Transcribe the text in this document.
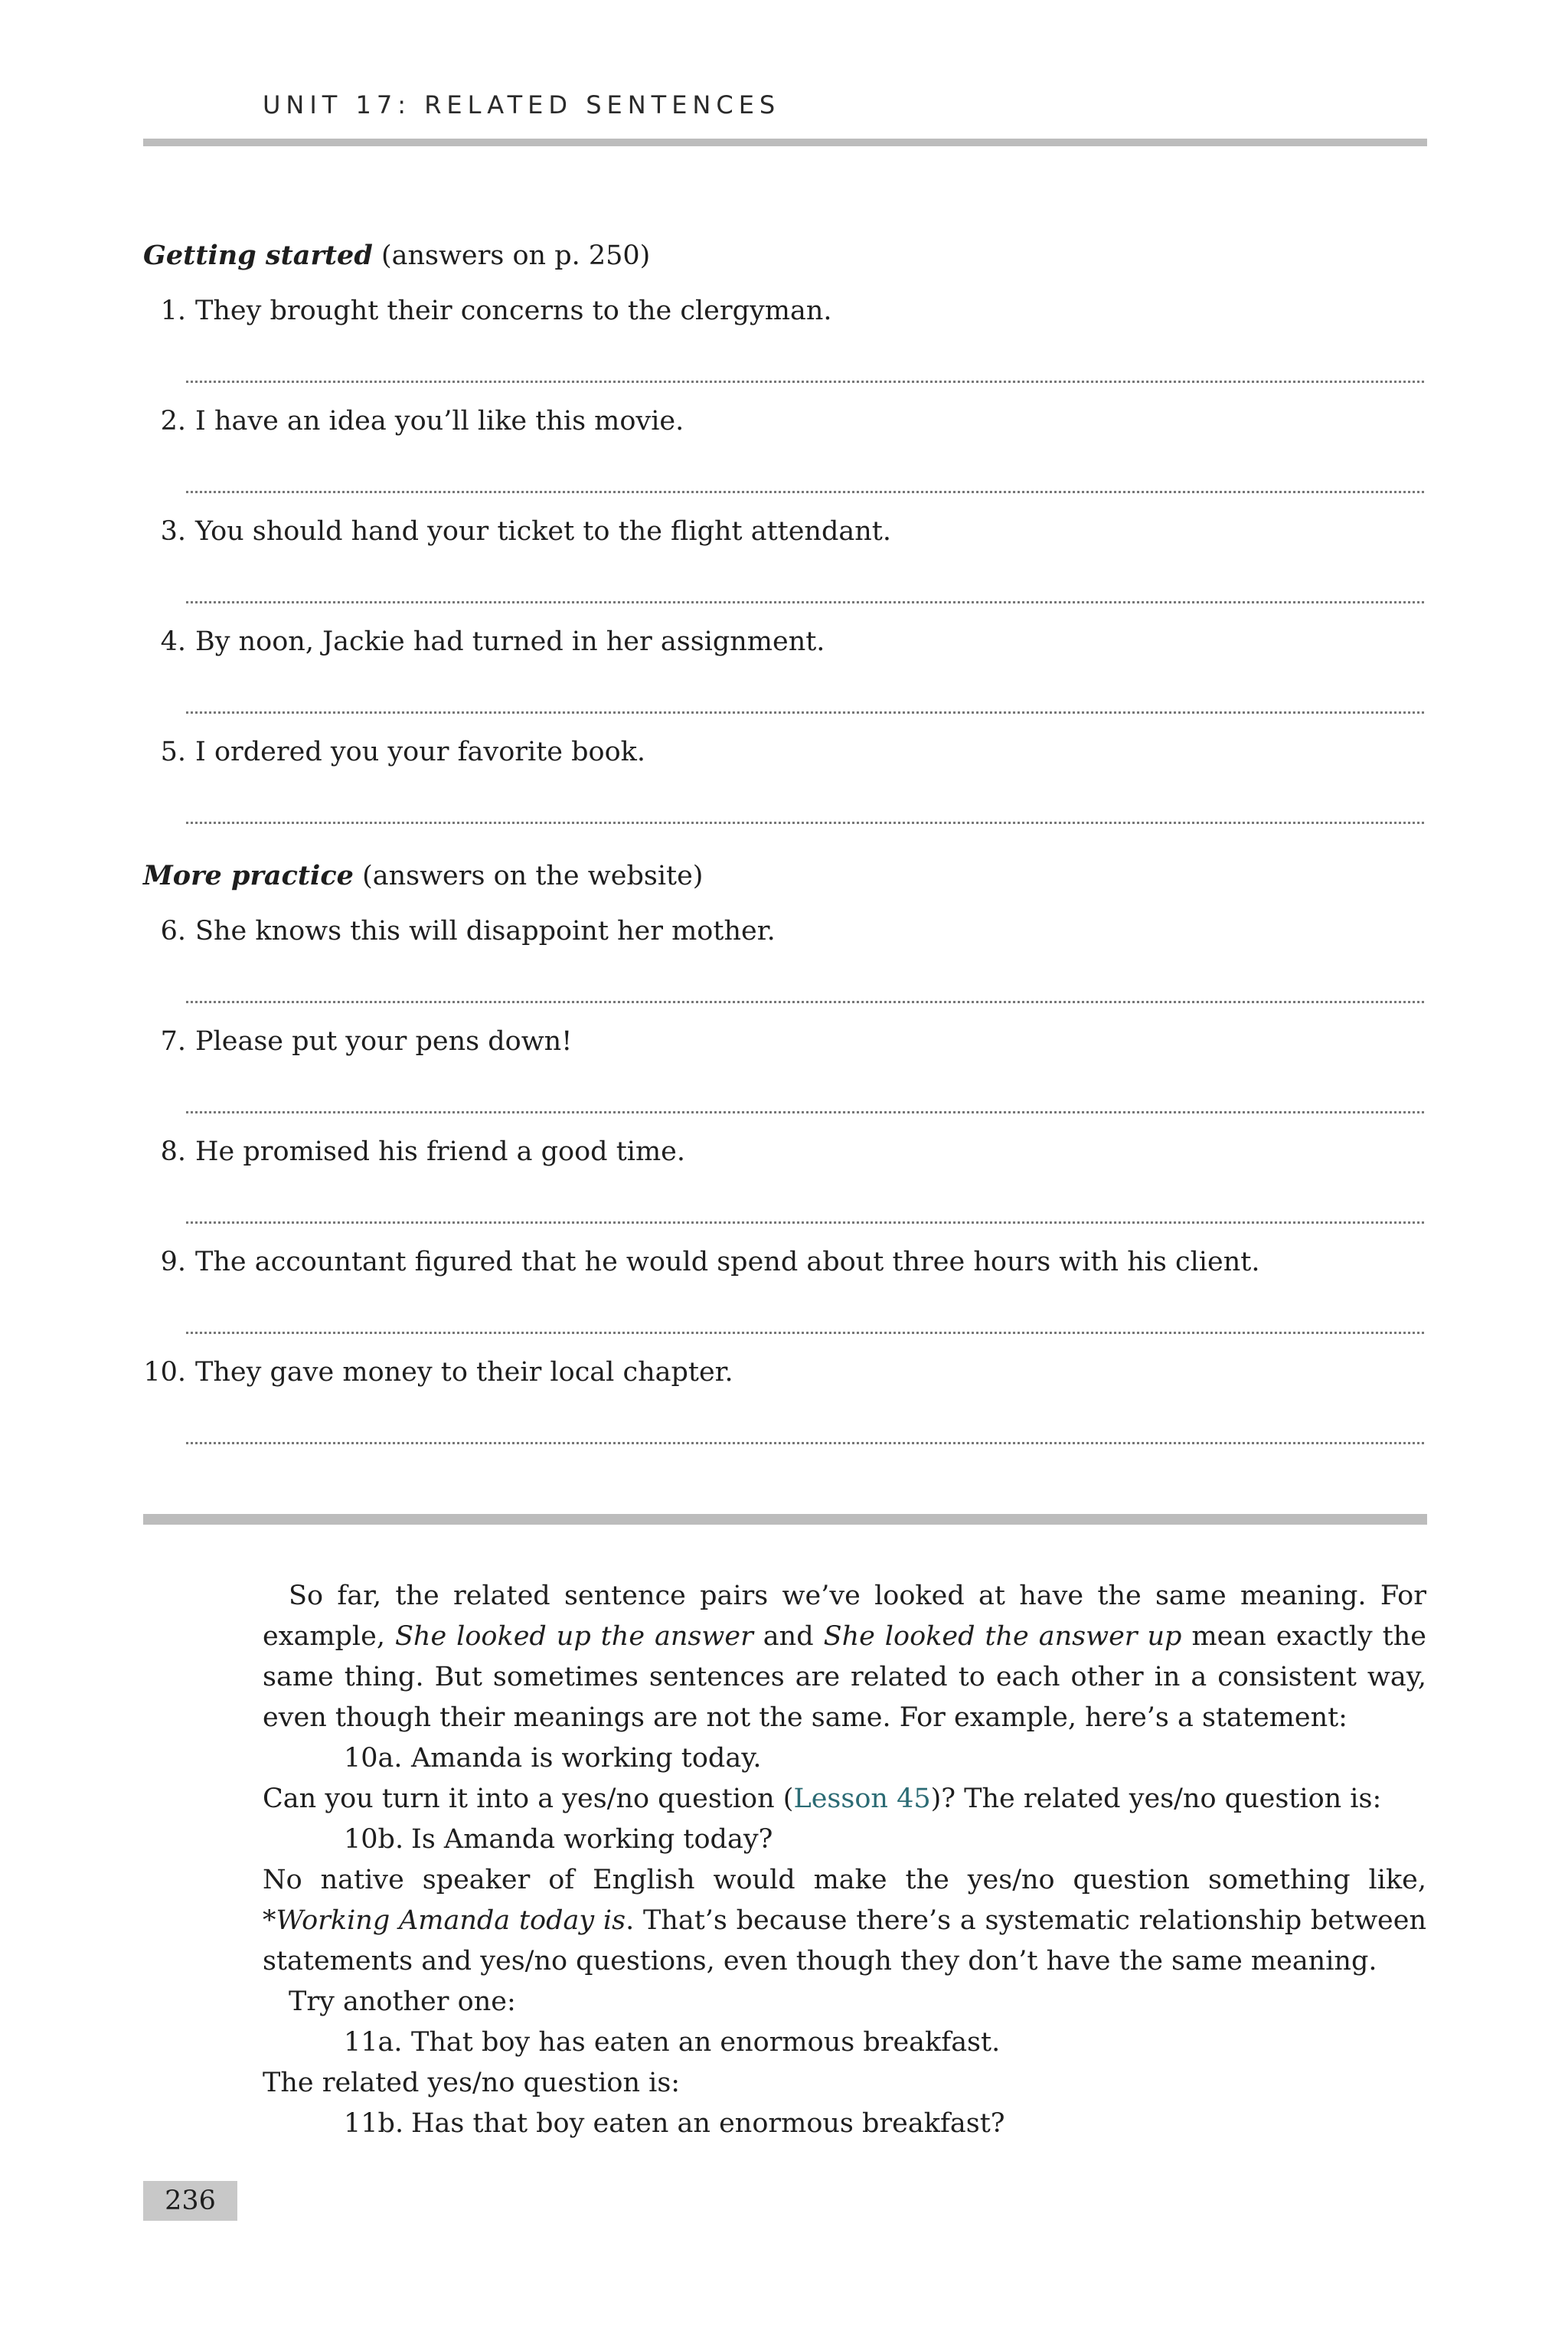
UNIT 17: RELATED SENTENCES
Getting started (answers on p. 250)
1. They brought their concerns to the clergyman.
2. I have an idea you’ll like this movie.
3. You should hand your ticket to the flight attendant.
4. By noon, Jackie had turned in her assignment.
5. I ordered you your favorite book.
More practice (answers on the website)
6. She knows this will disappoint her mother.
7. Please put your pens down!
8. He promised his friend a good time.
9. The accountant figured that he would spend about three hours with his client.
10. They gave money to their local chapter.

So far, the related sentence pairs we’ve looked at have the same meaning. For example, She looked up the answer and She looked the answer up mean exactly the same thing. But sometimes sentences are related to each other in a consistent way, even though their meanings are not the same. For example, here’s a statement:

10a. Amanda is working today.

Can you turn it into a yes/no question (Lesson 45)? The related yes/no question is:

10b. Is Amanda working today?

No native speaker of English would make the yes/no question something like, *Working Amanda today is. That’s because there’s a systematic relationship between statements and yes/no questions, even though they don’t have the same meaning.

Try another one:

11a. That boy has eaten an enormous breakfast.

The related yes/no question is:

11b. Has that boy eaten an enormous breakfast?

236
